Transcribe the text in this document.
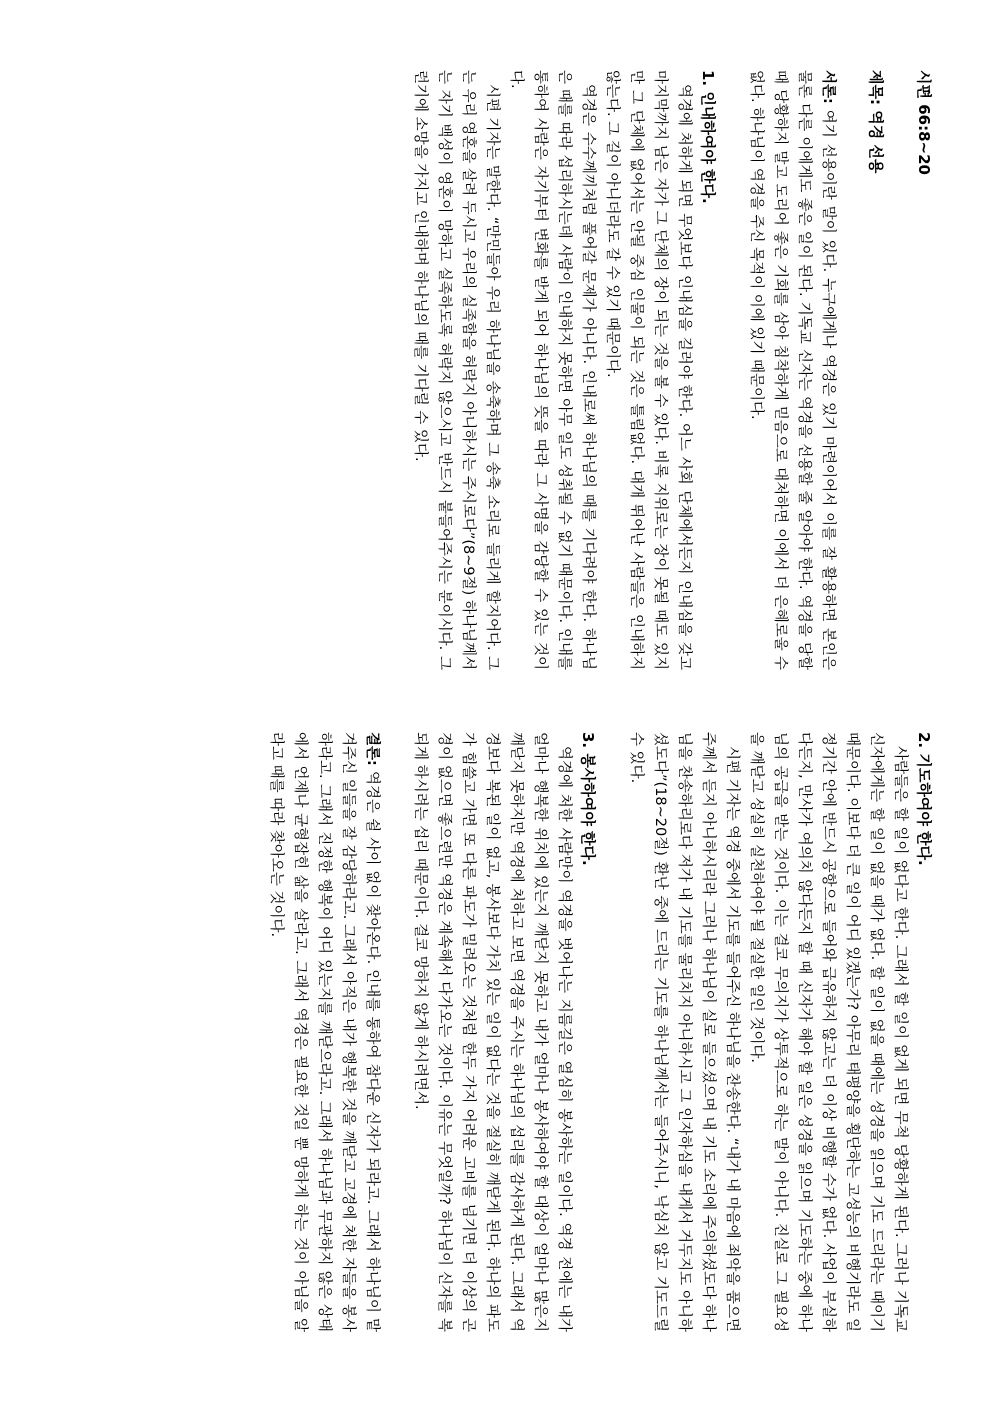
시편 66:8~20

제목: 역경 선용

서론: 여기 선용이란 말이 있다. 누구에게나 역경은 있기 마련이어서 이를 잘 활용하면 본인은 물론 다른 이에게도 좋은 일이 된다. 기독교 신자는 역경을 선용할 줄 알아야 한다. 역경을 당할 때 당황하지 말고 도리어 좋은 기회를 삼아 침착하게 믿음으로 대처하면 이에서 더 은혜로울 수 없다. 하나님이 역경을 주신 목적이 이에 있기 때문이다.

1. 인내하여야 한다.

역경에 처하게 되면 무엇보다 인내심을 길러야 한다. 어느 사회 단체에서든지 인내심을 갖고 마지막까지 남은 자가 그 단체의 장이 되는 것을 볼 수 있다. 비록 지위로는 장이 못될 때도 있지만 그 단체에 없어서는 안될 중심 인물이 되는 것은 틀림없다. 대개 뛰어난 사람들은 인내하지 않는다. 그 길이 아니더라도 갈 수 있기 때문이다.

역경은 수수께끼처럼 풀어갈 문제가 아니다. 인내로써 하나님의 때를 기다려야 한다. 하나님은 때를 따라 섭리하시는데 사람이 인내하지 못하면 아무 일도 성취될 수 없기 때문이다. 인내를 통하여 사람은 자기부터 변화를 받게 되어 하나님의 뜻을 따라 그 사명을 감당할 수 있는 것이다.

시편 기자는 말한다. “만민들아 우리 하나님을 송축하며 그 송축 소리로 들리게 할지어다. 그는 우리 영혼을 살려 두시고 우리의 실족함을 허락지 아니하시는 주시로다”(8~9절) 하나님께서는 자기 백성이 영혼이 망하고 실족하도록 허락지 않으시고 반드시 붙들어주시는 분이시다. 그런기에 소망을 가지고 인내하며 하나님의 때를 기다릴 수 있다.

2. 기도하여야 한다.

사람들은 할 일이 없다고 한다. 그래서 할 일이 없게 되면 무척 당황하게 된다. 그러나 기독교 신자에게는 할 일이 없을 때가 없다. 할 일이 없을 때에는 성경을 읽으며 기도 드리라는 때이기 때문이다. 이보다 더 큰 일이 어디 있겠는가? 아무리 태평양을 횡단하는 고성능의 비행기라도 일정기간 안에 반드시 공항으로 들어와 급유하지 않고는 더 이상 비행할 수가 없다. 사업이 부실하다든지, 만사가 여의치 않다든지 할 때 신자가 해야 할 일은 성경을 읽으며 기도하는 중에 하나님의 공급을 받는 것이다. 이는 결코 무의지가 상투적으로 하는 말이 아니다. 진실로 그 필요성을 깨닫고 성실히 실천하여야 될 절실한 일인 것이다.

시편 기자는 역경 중에서 기도를 들어주신 하나님을 찬송한다. “내가 내 마음에 죄악을 품으면 주께서 듣지 아니하시리라 그러나 하나님이 실로 들으셨으며 내 기도 소리에 주의하셨도다 하나님을 찬송하리로다 저가 내 기도를 물리치지 아니하시고 그 인자하심을 내게서 거두지도 아니하셨도다”(18~20절) 환난 중에 드리는 기도를 하나님께서는 들어주시니, 낙심치 않고 기도드릴 수 있다.

3. 봉사하여야 한다.

역경에 처한 사람만이 역경을 벗어나는 지름길은 열심히 봉사하는 일이다. 역경 전에는 내가 얼마나 행복한 위치에 있는지 깨닫지 못하고 내가 얼마나 봉사하여야 할 대상이 얼마나 많은지 깨닫지 못하지만 역경에 처하고 보면 역경을 주시는 하나님의 섭리를 감사하게 된다. 그래서 역경보다 복된 일이 없고, 봉사보다 가치 있는 일이 없다는 것을 절실히 깨닫게 된다. 하나의 파도가 힘쓸고 가면 또 다른 파도가 밀려오는 것처럼 한두 가지 어려운 고비를 넘기면 더 이상의 곤경이 없으면 좋으련만 역경은 계속해서 다가오는 것이다. 이유는 무엇일까? 하나님이 신자를 복되게 하시려는 섭리 때문이다. 결코 망하지 않게 하시려면서.

결론: 역경은 쉴 사이 없이 찾아온다. 인내를 통하여 참다운 신자가 되라고. 그래서 하나님이 맡겨주신 일들을 잘 감당하라고. 그래서 아직은 내가 행복한 것을 깨닫고 고경에 처한 자들을 봉사하라고. 그래서 진정한 행복이 어디 있는지를 깨닫으라고. 그래서 하나님과 무관하지 않은 상태에서 언제나 균형잡힌 삶을 살라고. 그래서 역경은 필요한 것일 뿐 망하게 하는 것이 아님을 알라고 때를 따라 찾아오는 것이다.
